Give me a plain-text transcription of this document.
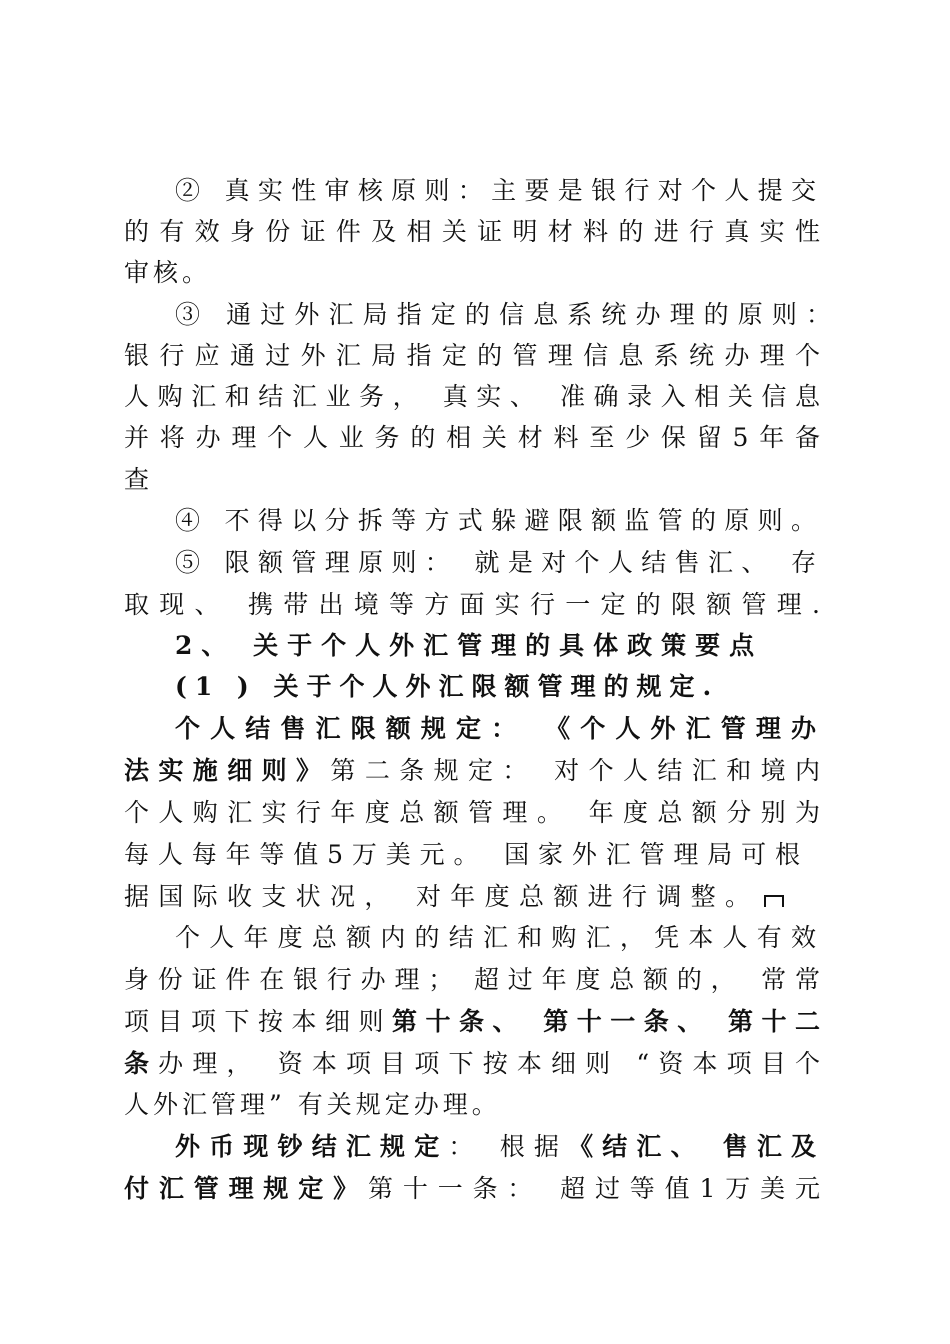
② 真实性审核原则：主要是银行对个人提交
的有效身份证件及相关证明材料的进行真实性
审核。
③ 通过外汇局指定的信息系统办理的原则：
银行应通过外汇局指定的管理信息系统办理个
人购汇和结汇业务， 真实、 准确录入相关信息
并将办理个人业务的相关材料至少保留5年备
查
④ 不得以分拆等方式躲避限额监管的原则。
⑤ 限额管理原则： 就是对个人结售汇、 存
取现、 携带出境等方面实行一定的限额管理.
2、 关于个人外汇管理的具体政策要点
(1 ) 关于个人外汇限额管理的规定.
个人结售汇限额规定： 《个人外汇管理办
法实施细则》第二条规定： 对个人结汇和境内
个人购汇实行年度总额管理。 年度总额分别为
每人每年等值5万美元。 国家外汇管理局可根
据国际收支状况， 对年度总额进行调整。
个人年度总额内的结汇和购汇，凭本人有效
身份证件在银行办理； 超过年度总额的， 常常
项目项下按本细则第十条、 第十一条、 第十二
条办理， 资本项目项下按本细则 “资本项目个
人外汇管理” 有关规定办理。
外币现钞结汇规定： 根据《结汇、 售汇及
付汇管理规定》第十一条： 超过等值1万美元
